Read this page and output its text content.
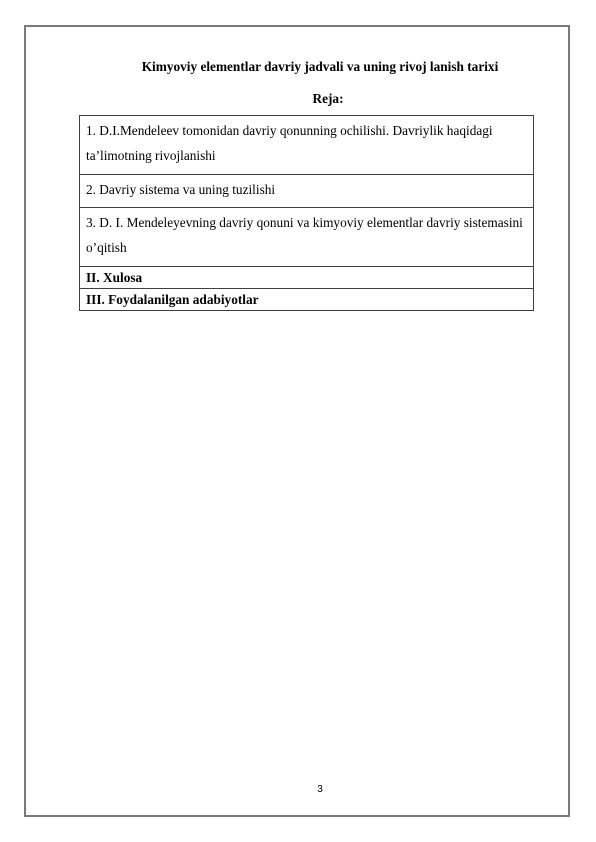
Kimyoviy elementlar davriy jadvali va uning rivoj lanish tarixi
Reja:
1. D.I.Mendeleev tomonidan davriy qonunning ochilishi. Davriylik haqidagi ta’limotning rivojlanishi
2. Davriy sistema va uning tuzilishi
3. D. I. Mendeleyevning davriy qonuni va kimyoviy elementlar davriy sistemasini o’qitish
II. Xulosa
III. Foydalanilgan adabiyotlar
3
